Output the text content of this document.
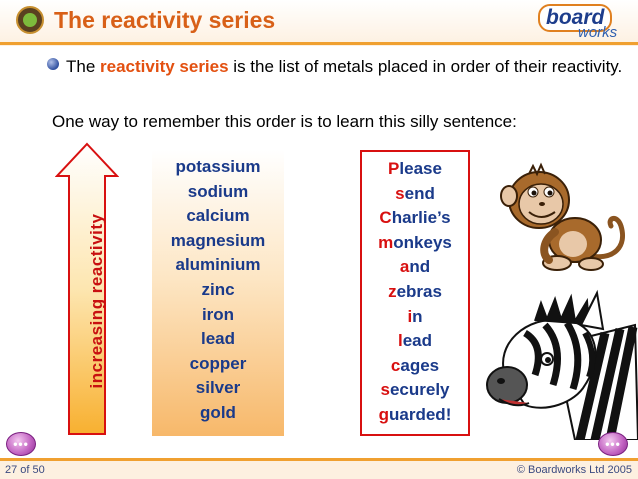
The reactivity series	board
works
The reactivity series is the list of metals placed in order of their reactivity.
One way to remember this order is to learn this silly sentence:
increasing reactivity
potassium
sodium
calcium
magnesium
aluminium
zinc
iron
lead
copper
silver
gold
Please
send
Charlie’s
monkeys
and
zebras
in
lead
cages
securely
guarded!
•••	•••
27 of 50	© Boardworks Ltd 2005
